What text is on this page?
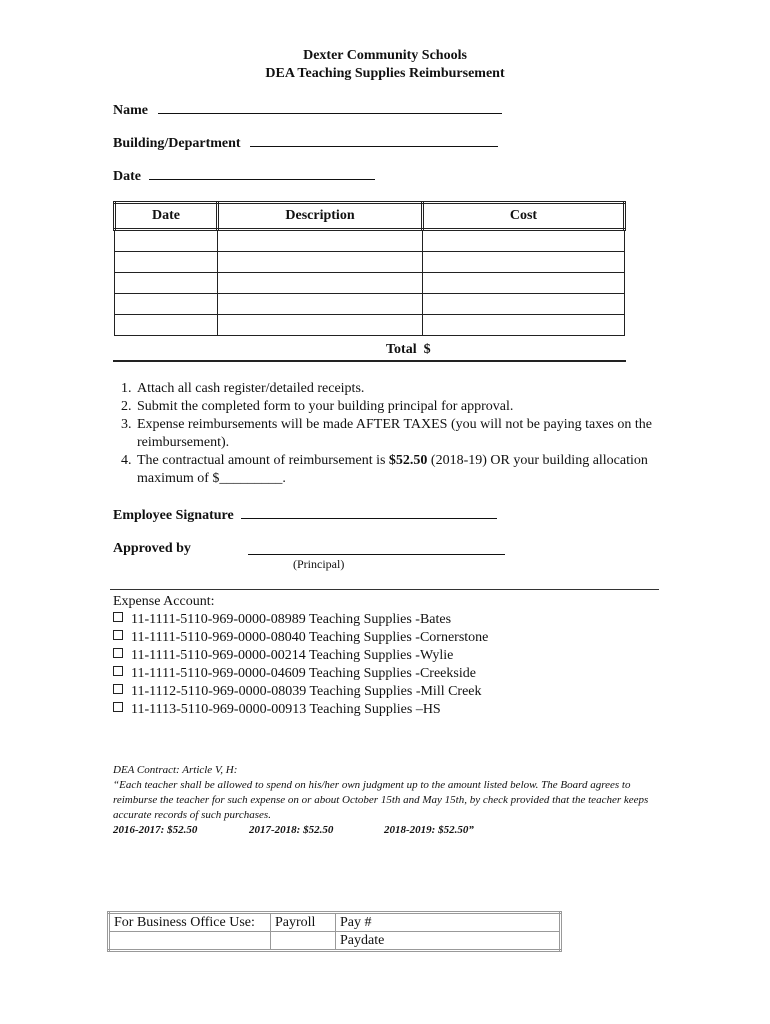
Dexter Community Schools
DEA Teaching Supplies Reimbursement
Name
Building/Department
Date
Date	Description	Cost

Total  $
1. Attach all cash register/detailed receipts.
2. Submit the completed form to your building principal for approval.
3. Expense reimbursements will be made AFTER TAXES (you will not be paying taxes on the reimbursement).
4. The contractual amount of reimbursement is $52.50 (2018-19) OR your building allocation maximum of $_________.
Employee Signature
Approved by
(Principal)
Expense Account:
11-1111-5110-969-0000-08989 Teaching Supplies -Bates
11-1111-5110-969-0000-08040 Teaching Supplies -Cornerstone
11-1111-5110-969-0000-00214 Teaching Supplies -Wylie
11-1111-5110-969-0000-04609 Teaching Supplies -Creekside
11-1112-5110-969-0000-08039 Teaching Supplies -Mill Creek
11-1113-5110-969-0000-00913 Teaching Supplies –HS
DEA Contract: Article V, H:
“Each teacher shall be allowed to spend on his/her own judgment up to the amount listed below. The Board agrees to reimburse the teacher for such expense on or about October 15th and May 15th, by check provided that the teacher keeps accurate records of such purchases.
2016-2017: $52.50	2017-2018: $52.50	2018-2019: $52.50”
For Business Office Use:	Payroll	Pay #
		Paydate
